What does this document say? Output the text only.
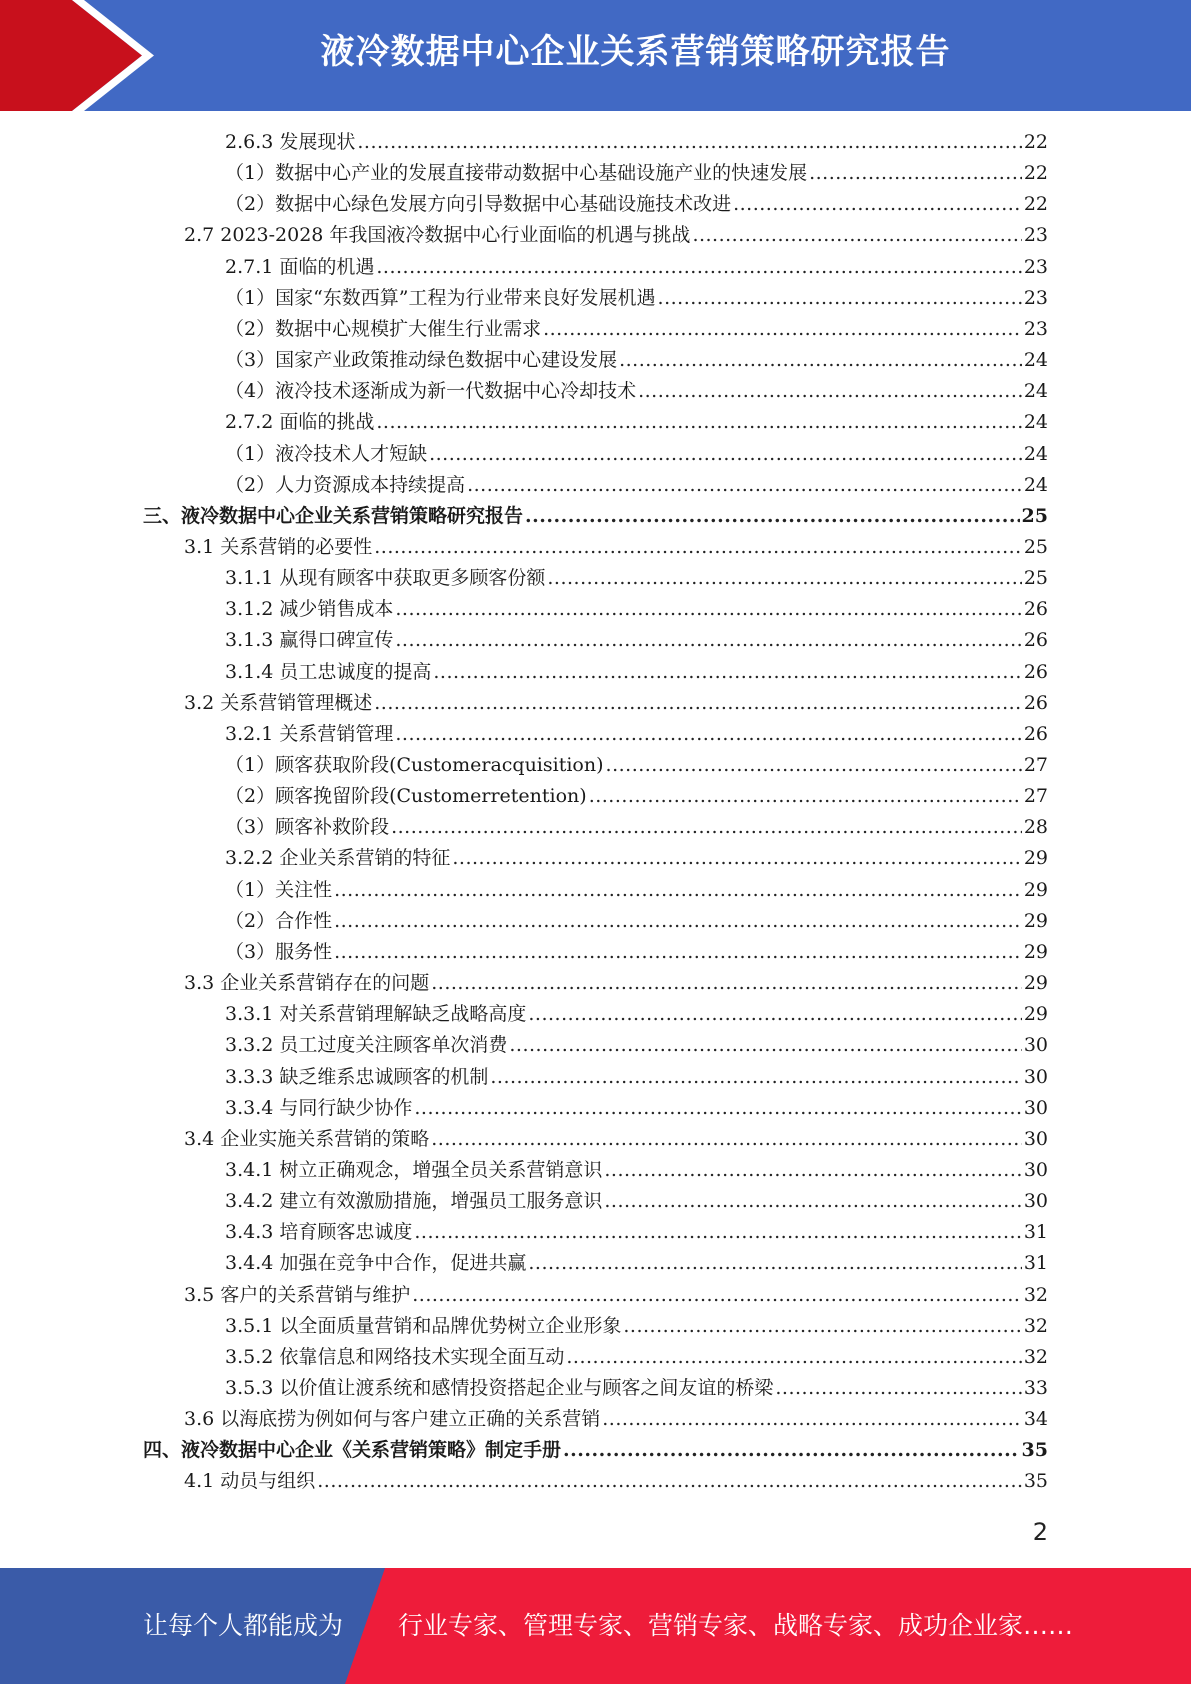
液冷数据中心企业关系营销策略研究报告
2.6.3 发展现状 .....	22
（1）数据中心产业的发展直接带动数据中心基础设施产业的快速发展 .....	22
（2）数据中心绿色发展方向引导数据中心基础设施技术改进 .....	22
2.7 2023-2028 年我国液冷数据中心行业面临的机遇与挑战 .....	23
2.7.1 面临的机遇 .....	23
（1）国家“东数西算”工程为行业带来良好发展机遇 .....	23
（2）数据中心规模扩大催生行业需求 .....	23
（3）国家产业政策推动绿色数据中心建设发展 .....	24
（4）液冷技术逐渐成为新一代数据中心冷却技术 .....	24
2.7.2 面临的挑战 .....	24
（1）液冷技术人才短缺 .....	24
（2）人力资源成本持续提高 .....	24
三、液冷数据中心企业关系营销策略研究报告 .....	25
3.1 关系营销的必要性 .....	25
3.1.1 从现有顾客中获取更多顾客份额 .....	25
3.1.2 减少销售成本 .....	26
3.1.3 赢得口碑宣传 .....	26
3.1.4 员工忠诚度的提高 .....	26
3.2 关系营销管理概述 .....	26
3.2.1 关系营销管理 .....	26
（1）顾客获取阶段(Customeracquisition) .....	27
（2）顾客挽留阶段(Customerretention) .....	27
（3）顾客补救阶段 .....	28
3.2.2 企业关系营销的特征 .....	29
（1）关注性 .....	29
（2）合作性 .....	29
（3）服务性 .....	29
3.3 企业关系营销存在的问题 .....	29
3.3.1 对关系营销理解缺乏战略高度 .....	29
3.3.2 员工过度关注顾客单次消费 .....	30
3.3.3 缺乏维系忠诚顾客的机制 .....	30
3.3.4 与同行缺少协作 .....	30
3.4 企业实施关系营销的策略 .....	30
3.4.1 树立正确观念，增强全员关系营销意识 .....	30
3.4.2 建立有效激励措施，增强员工服务意识 .....	30
3.4.3 培育顾客忠诚度 .....	31
3.4.4 加强在竞争中合作，促进共赢 .....	31
3.5 客户的关系营销与维护 .....	32
3.5.1 以全面质量营销和品牌优势树立企业形象 .....	32
3.5.2 依靠信息和网络技术实现全面互动 .....	32
3.5.3 以价值让渡系统和感情投资搭起企业与顾客之间友谊的桥梁 .....	33
3.6 以海底捞为例如何与客户建立正确的关系营销 .....	34
四、液冷数据中心企业《关系营销策略》制定手册 .....	35
4.1 动员与组织 .....	35
2
让每个人都能成为 行业专家、管理专家、营销专家、战略专家、成功企业家……
